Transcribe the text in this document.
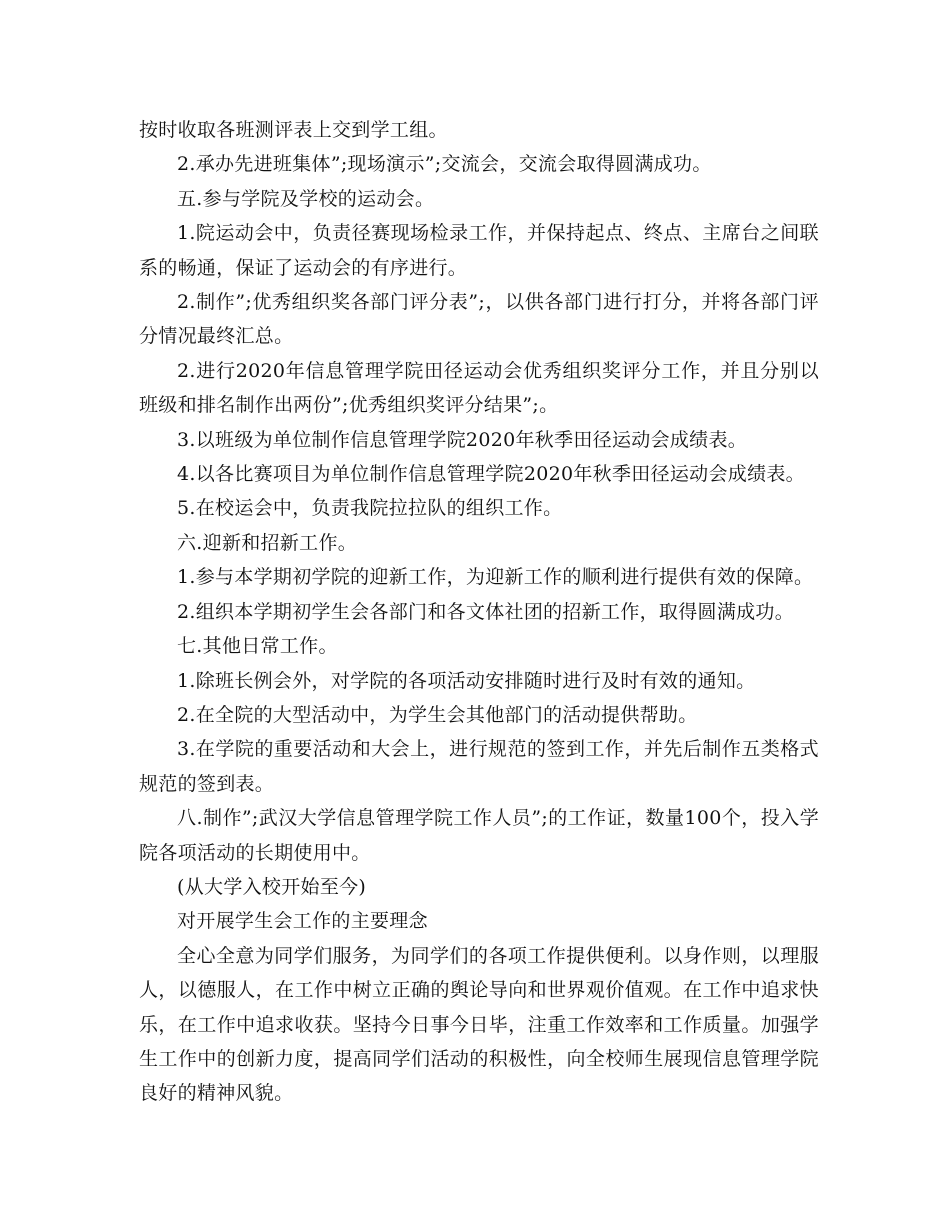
按时收取各班测评表上交到学工组。

2.承办先进班集体”;现场演示”;交流会，交流会取得圆满成功。

五.参与学院及学校的运动会。

1.院运动会中，负责径赛现场检录工作，并保持起点、终点、主席台之间联系的畅通，保证了运动会的有序进行。

2.制作”;优秀组织奖各部门评分表”;，以供各部门进行打分，并将各部门评分情况最终汇总。

2.进行2020年信息管理学院田径运动会优秀组织奖评分工作，并且分别以班级和排名制作出两份”;优秀组织奖评分结果”;。

3.以班级为单位制作信息管理学院2020年秋季田径运动会成绩表。

4.以各比赛项目为单位制作信息管理学院2020年秋季田径运动会成绩表。

5.在校运会中，负责我院拉拉队的组织工作。

六.迎新和招新工作。

1.参与本学期初学院的迎新工作，为迎新工作的顺利进行提供有效的保障。

2.组织本学期初学生会各部门和各文体社团的招新工作，取得圆满成功。

七.其他日常工作。

1.除班长例会外，对学院的各项活动安排随时进行及时有效的通知。

2.在全院的大型活动中，为学生会其他部门的活动提供帮助。

3.在学院的重要活动和大会上，进行规范的签到工作，并先后制作五类格式规范的签到表。

八.制作”;武汉大学信息管理学院工作人员”;的工作证，数量100个，投入学院各项活动的长期使用中。

(从大学入校开始至今)

对开展学生会工作的主要理念

全心全意为同学们服务，为同学们的各项工作提供便利。以身作则，以理服人，以德服人，在工作中树立正确的舆论导向和世界观价值观。在工作中追求快乐，在工作中追求收获。坚持今日事今日毕，注重工作效率和工作质量。加强学生工作中的创新力度，提高同学们活动的积极性，向全校师生展现信息管理学院良好的精神风貌。
